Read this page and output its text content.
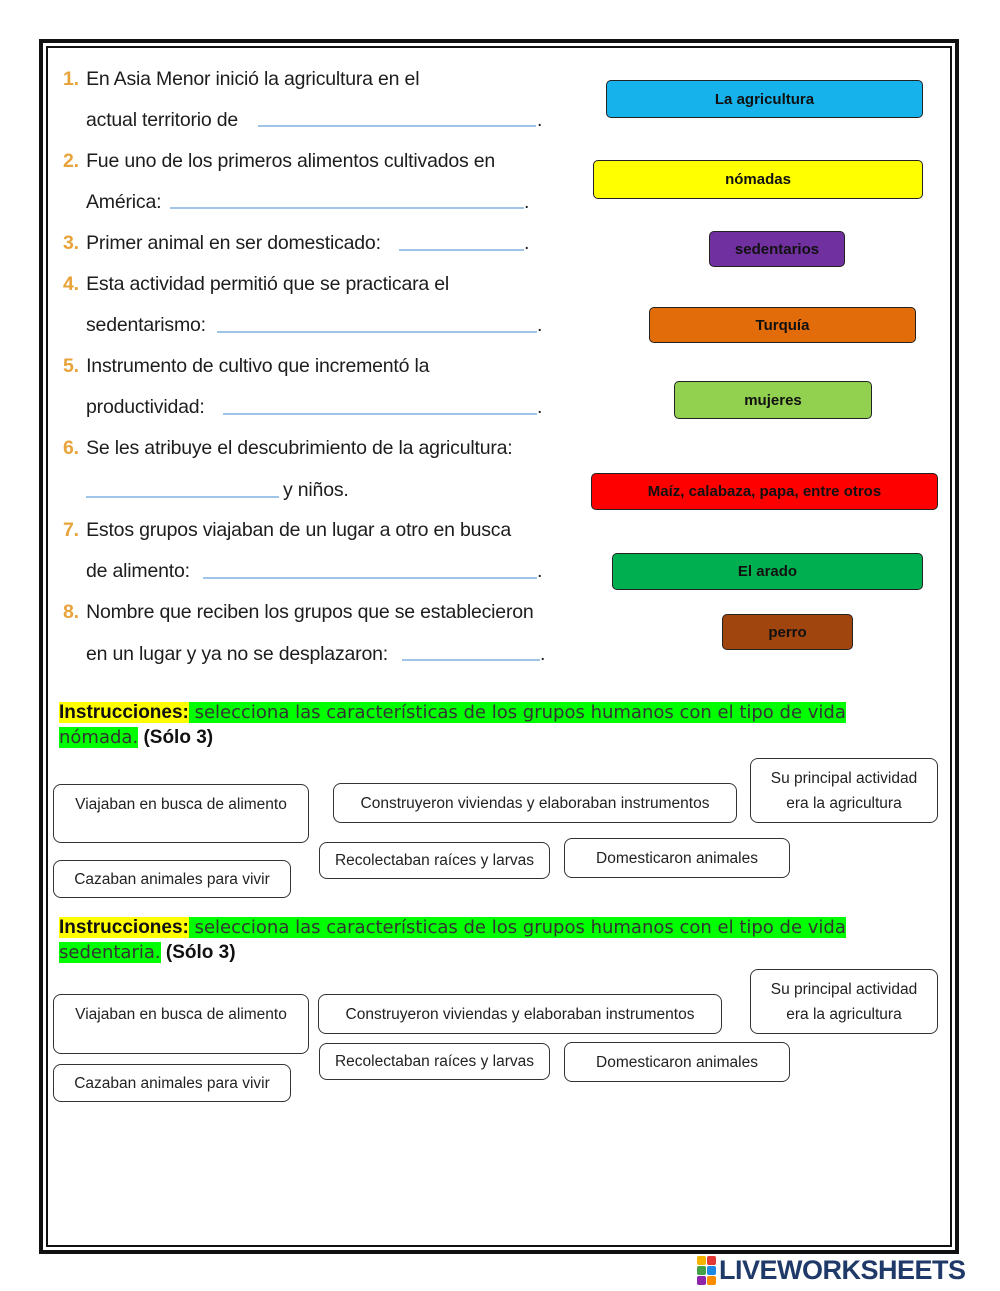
1. En Asia Menor inició la agricultura en el
actual territorio de	.
2. Fue uno de los primeros alimentos cultivados en
América:	.
3. Primer animal en ser domesticado:	.
4. Esta actividad permitió que se practicara el
sedentarismo:	.
5. Instrumento de cultivo que incrementó la
productividad:	.
6. Se les atribuye el descubrimiento de la agricultura:
y niños.
7. Estos grupos viajaban de un lugar a otro en busca
de alimento:	.
8. Nombre que reciben los grupos que se establecieron
en un lugar y ya no se desplazaron:	.
La agricultura
nómadas
sedentarios
Turquía
mujeres
Maíz, calabaza, papa, entre otros
El arado
perro
Instrucciones: selecciona las características de los grupos humanos con el tipo de vida
nómada. (Sólo 3)
Viajaban en busca de alimento	Construyeron viviendas y elaboraban instrumentos
Su principal actividad
era la agricultura
Cazaban animales para vivir
Recolectaban raíces y larvas	Domesticaron animales
Instrucciones: selecciona las características de los grupos humanos con el tipo de vida
sedentaria. (Sólo 3)
Viajaban en busca de alimento	Construyeron viviendas y elaboraban instrumentos
Su principal actividad
era la agricultura
Cazaban animales para vivir
Recolectaban raíces y larvas	Domesticaron animales
LIVEWORKSHEETS
